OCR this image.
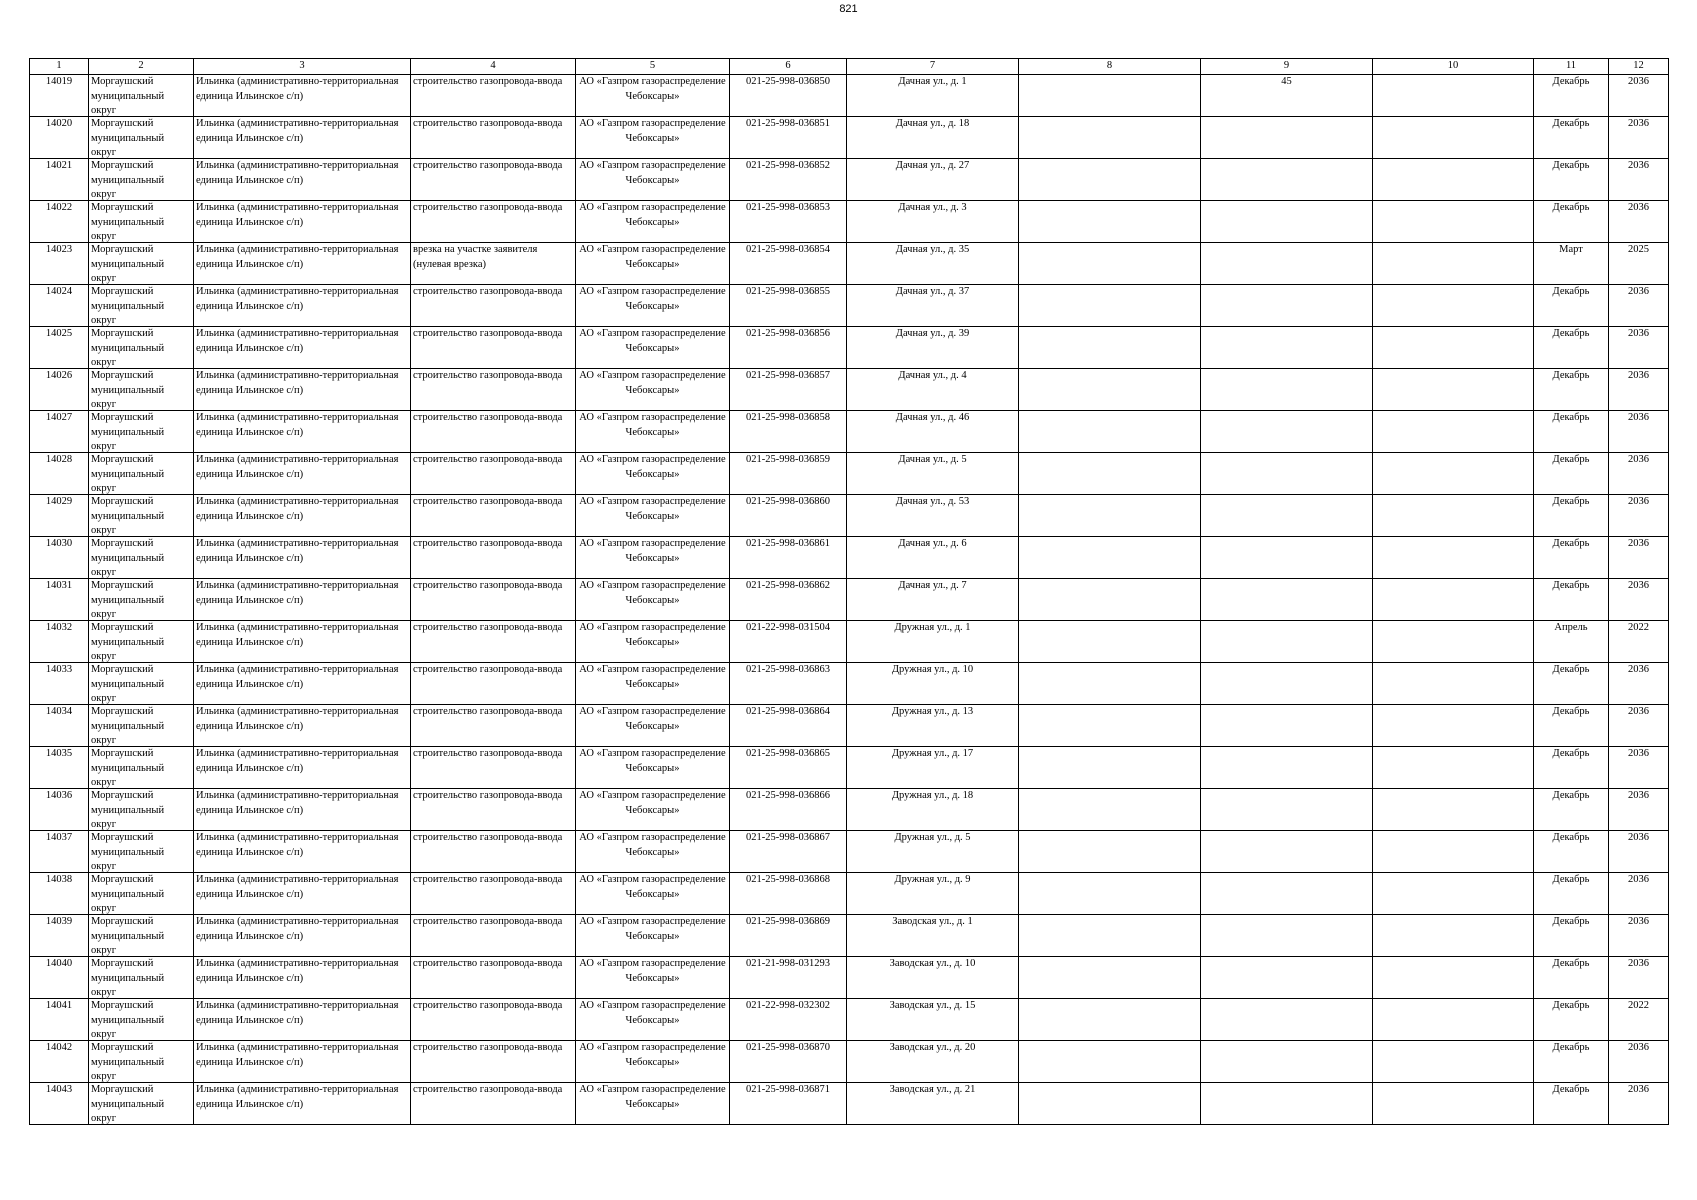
821
1	2	3	4	5	6	7	8	9	10	11	12

14019	Моргаушский муниципальный округ	Ильинка (административно-территориальная единица Ильинское с/п)	строительство газопровода-ввода	АО «Газпром газораспределение Чебоксары»	021-25-998-036850	Дачная ул., д. 1		45		Декабрь	2036

14020	Моргаушский муниципальный округ	Ильинка (административно-территориальная единица Ильинское с/п)	строительство газопровода-ввода	АО «Газпром газораспределение Чебоксары»	021-25-998-036851	Дачная ул., д. 18				Декабрь	2036

14021	Моргаушский муниципальный округ	Ильинка (административно-территориальная единица Ильинское с/п)	строительство газопровода-ввода	АО «Газпром газораспределение Чебоксары»	021-25-998-036852	Дачная ул., д. 27				Декабрь	2036

14022	Моргаушский муниципальный округ	Ильинка (административно-территориальная единица Ильинское с/п)	строительство газопровода-ввода	АО «Газпром газораспределение Чебоксары»	021-25-998-036853	Дачная ул., д. 3				Декабрь	2036

14023	Моргаушский муниципальный округ	Ильинка (административно-территориальная единица Ильинское с/п)	врезка на участке заявителя (нулевая врезка)	АО «Газпром газораспределение Чебоксары»	021-25-998-036854	Дачная ул., д. 35				Март	2025

14024	Моргаушский муниципальный округ	Ильинка (административно-территориальная единица Ильинское с/п)	строительство газопровода-ввода	АО «Газпром газораспределение Чебоксары»	021-25-998-036855	Дачная ул., д. 37				Декабрь	2036

14025	Моргаушский муниципальный округ	Ильинка (административно-территориальная единица Ильинское с/п)	строительство газопровода-ввода	АО «Газпром газораспределение Чебоксары»	021-25-998-036856	Дачная ул., д. 39				Декабрь	2036

14026	Моргаушский муниципальный округ	Ильинка (административно-территориальная единица Ильинское с/п)	строительство газопровода-ввода	АО «Газпром газораспределение Чебоксары»	021-25-998-036857	Дачная ул., д. 4				Декабрь	2036

14027	Моргаушский муниципальный округ	Ильинка (административно-территориальная единица Ильинское с/п)	строительство газопровода-ввода	АО «Газпром газораспределение Чебоксары»	021-25-998-036858	Дачная ул., д. 46				Декабрь	2036

14028	Моргаушский муниципальный округ	Ильинка (административно-территориальная единица Ильинское с/п)	строительство газопровода-ввода	АО «Газпром газораспределение Чебоксары»	021-25-998-036859	Дачная ул., д. 5				Декабрь	2036

14029	Моргаушский муниципальный округ	Ильинка (административно-территориальная единица Ильинское с/п)	строительство газопровода-ввода	АО «Газпром газораспределение Чебоксары»	021-25-998-036860	Дачная ул., д. 53				Декабрь	2036

14030	Моргаушский муниципальный округ	Ильинка (административно-территориальная единица Ильинское с/п)	строительство газопровода-ввода	АО «Газпром газораспределение Чебоксары»	021-25-998-036861	Дачная ул., д. 6				Декабрь	2036

14031	Моргаушский муниципальный округ	Ильинка (административно-территориальная единица Ильинское с/п)	строительство газопровода-ввода	АО «Газпром газораспределение Чебоксары»	021-25-998-036862	Дачная ул., д. 7				Декабрь	2036

14032	Моргаушский муниципальный округ	Ильинка (административно-территориальная единица Ильинское с/п)	строительство газопровода-ввода	АО «Газпром газораспределение Чебоксары»	021-22-998-031504	Дружная ул., д. 1				Апрель	2022

14033	Моргаушский муниципальный округ	Ильинка (административно-территориальная единица Ильинское с/п)	строительство газопровода-ввода	АО «Газпром газораспределение Чебоксары»	021-25-998-036863	Дружная ул., д. 10				Декабрь	2036

14034	Моргаушский муниципальный округ	Ильинка (административно-территориальная единица Ильинское с/п)	строительство газопровода-ввода	АО «Газпром газораспределение Чебоксары»	021-25-998-036864	Дружная ул., д. 13				Декабрь	2036

14035	Моргаушский муниципальный округ	Ильинка (административно-территориальная единица Ильинское с/п)	строительство газопровода-ввода	АО «Газпром газораспределение Чебоксары»	021-25-998-036865	Дружная ул., д. 17				Декабрь	2036

14036	Моргаушский муниципальный округ	Ильинка (административно-территориальная единица Ильинское с/п)	строительство газопровода-ввода	АО «Газпром газораспределение Чебоксары»	021-25-998-036866	Дружная ул., д. 18				Декабрь	2036

14037	Моргаушский муниципальный округ	Ильинка (административно-территориальная единица Ильинское с/п)	строительство газопровода-ввода	АО «Газпром газораспределение Чебоксары»	021-25-998-036867	Дружная ул., д. 5				Декабрь	2036

14038	Моргаушский муниципальный округ	Ильинка (административно-территориальная единица Ильинское с/п)	строительство газопровода-ввода	АО «Газпром газораспределение Чебоксары»	021-25-998-036868	Дружная ул., д. 9				Декабрь	2036

14039	Моргаушский муниципальный округ	Ильинка (административно-территориальная единица Ильинское с/п)	строительство газопровода-ввода	АО «Газпром газораспределение Чебоксары»	021-25-998-036869	Заводская ул., д. 1				Декабрь	2036

14040	Моргаушский муниципальный округ	Ильинка (административно-территориальная единица Ильинское с/п)	строительство газопровода-ввода	АО «Газпром газораспределение Чебоксары»	021-21-998-031293	Заводская ул., д. 10				Декабрь	2036

14041	Моргаушский муниципальный округ	Ильинка (административно-территориальная единица Ильинское с/п)	строительство газопровода-ввода	АО «Газпром газораспределение Чебоксары»	021-22-998-032302	Заводская ул., д. 15				Декабрь	2022

14042	Моргаушский муниципальный округ	Ильинка (административно-территориальная единица Ильинское с/п)	строительство газопровода-ввода	АО «Газпром газораспределение Чебоксары»	021-25-998-036870	Заводская ул., д. 20				Декабрь	2036

14043	Моргаушский муниципальный округ	Ильинка (административно-территориальная единица Ильинское с/п)	строительство газопровода-ввода	АО «Газпром газораспределение Чебоксары»	021-25-998-036871	Заводская ул., д. 21				Декабрь	2036
